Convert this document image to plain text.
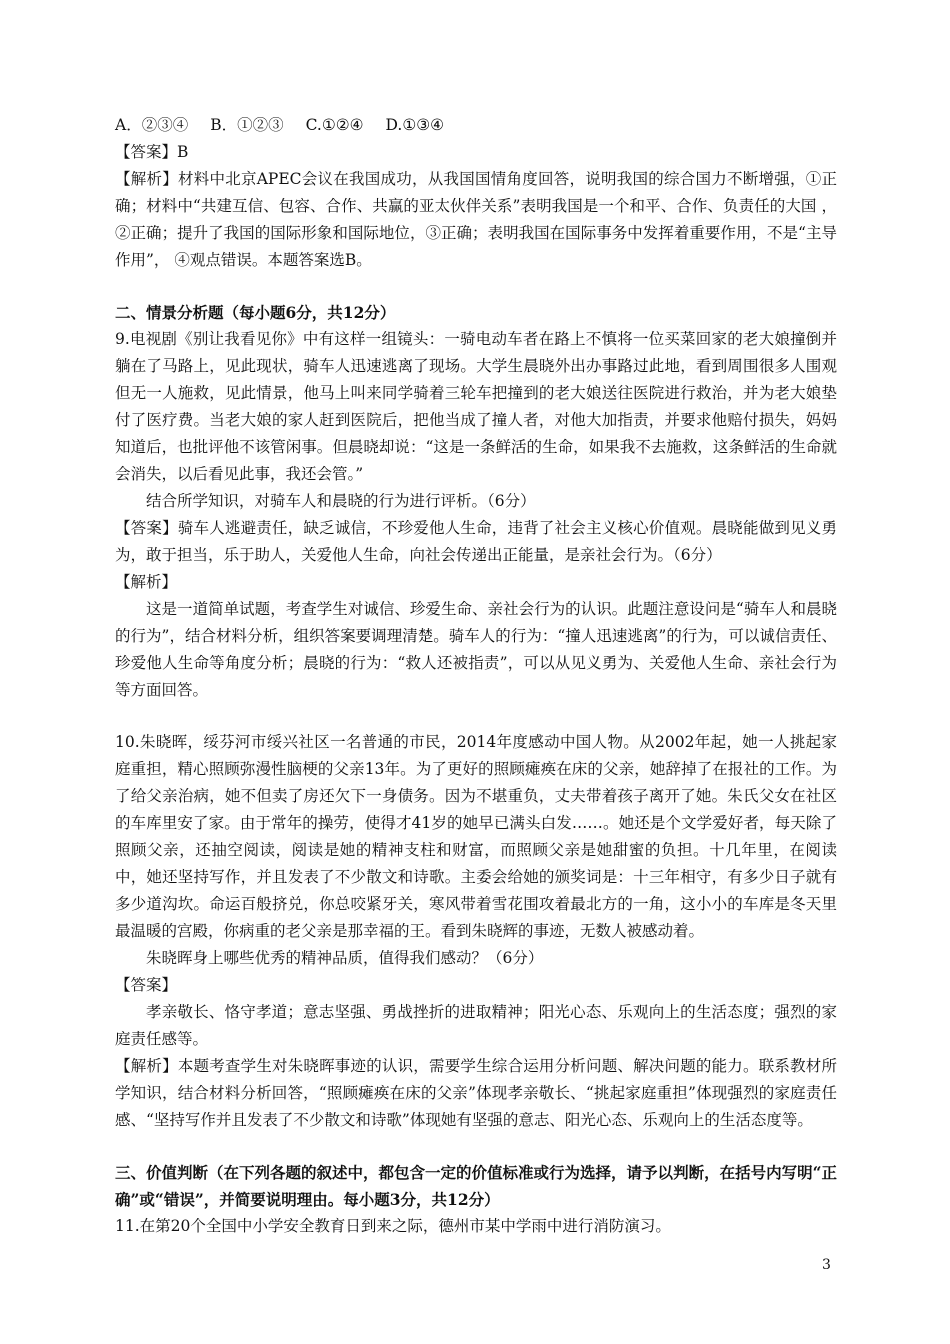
A．②③④ B．①②③ C.①②④ D.①③④

【答案】B

【解析】材料中北京APEC会议在我国成功，从我国国情角度回答，说明我国的综合国力不断增强，①正确；材料中“共建互信、包容、合作、共赢的亚太伙伴关系”表明我国是一个和平、合作、负责任的大国 ，②正确；提升了我国的国际形象和国际地位，③正确；表明我国在国际事务中发挥着重要作用，不是“主导作用”， ④观点错误。本题答案选B。

二、情景分析题（每小题6分，共12分）

9.电视剧《别让我看见你》中有这样一组镜头：一骑电动车者在路上不慎将一位买菜回家的老大娘撞倒并躺在了马路上，见此现状，骑车人迅速逃离了现场。大学生晨晓外出办事路过此地，看到周围很多人围观但无一人施救，见此情景，他马上叫来同学骑着三轮车把撞到的老大娘送往医院进行救治，并为老大娘垫付了医疗费。当老大娘的家人赶到医院后，把他当成了撞人者，对他大加指责，并要求他赔付损失，妈妈知道后，也批评他不该管闲事。但晨晓却说：“这是一条鲜活的生命，如果我不去施救，这条鲜活的生命就会消失，以后看见此事，我还会管。”

结合所学知识，对骑车人和晨晓的行为进行评析。（6分）

【答案】骑车人逃避责任，缺乏诚信，不珍爱他人生命，违背了社会主义核心价值观。晨晓能做到见义勇为，敢于担当，乐于助人，关爱他人生命，向社会传递出正能量，是亲社会行为。（6分）

【解析】

这是一道简单试题，考查学生对诚信、珍爱生命、亲社会行为的认识。此题注意设问是“骑车人和晨晓的行为”，结合材料分析，组织答案要调理清楚。骑车人的行为：“撞人迅速逃离”的行为，可以诚信责任、珍爱他人生命等角度分析；晨晓的行为：“救人还被指责”，可以从见义勇为、关爱他人生命、亲社会行为等方面回答。

10.朱晓晖，绥芬河市绥兴社区一名普通的市民，2014年度感动中国人物。从2002年起，她一人挑起家庭重担，精心照顾弥漫性脑梗的父亲13年。为了更好的照顾瘫痪在床的父亲，她辞掉了在报社的工作。为了给父亲治病，她不但卖了房还欠下一身债务。因为不堪重负，丈夫带着孩子离开了她。朱氏父女在社区的车库里安了家。由于常年的操劳，使得才41岁的她早已满头白发……。她还是个文学爱好者，每天除了照顾父亲，还抽空阅读，阅读是她的精神支柱和财富，而照顾父亲是她甜蜜的负担。十几年里，在阅读中，她还坚持写作，并且发表了不少散文和诗歌。主委会给她的颁奖词是：十三年相守，有多少日子就有多少道沟坎。命运百般挤兑，你总咬紧牙关，寒风带着雪花围攻着最北方的一角，这小小的车库是冬天里最温暖的宫殿，你病重的老父亲是那幸福的王。看到朱晓辉的事迹，无数人被感动着。

朱晓晖身上哪些优秀的精神品质，值得我们感动？（6分）

【答案】

孝亲敬长、恪守孝道；意志坚强、勇战挫折的进取精神；阳光心态、乐观向上的生活态度；强烈的家庭责任感等。

【解析】本题考查学生对朱晓晖事迹的认识，需要学生综合运用分析问题、解决问题的能力。联系教材所学知识，结合材料分析回答，“照顾瘫痪在床的父亲”体现孝亲敬长、“挑起家庭重担”体现强烈的家庭责任感、“坚持写作并且发表了不少散文和诗歌”体现她有坚强的意志、阳光心态、乐观向上的生活态度等。

三、价值判断（在下列各题的叙述中，都包含一定的价值标准或行为选择，请予以判断，在括号内写明“正确”或“错误”，并简要说明理由。每小题3分，共12分）

11.在第20个全国中小学安全教育日到来之际，德州市某中学雨中进行消防演习。

3
